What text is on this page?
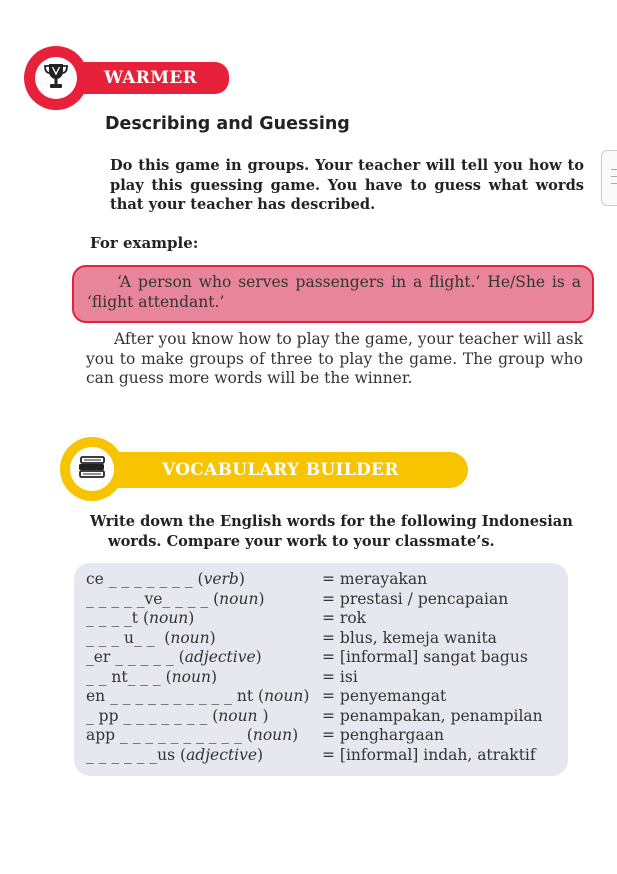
WARMER
Describing and Guessing
Do this game in groups. Your teacher will tell you how to play this guessing game. You have to guess what words that your teacher has described.
For example:
‘A person who serves passengers in a flight.’ He/She is a ‘flight attendant.’
After you know how to play the game, your teacher will ask you to make groups of three to play the game. The group who can guess more words will be the winner.
VOCABULARY BUILDER
Write down the English words for the following Indonesian
words. Compare your work to your classmate’s.
ce _ _ _ _ _ _ _ (verb)	= merayakan
_ _ _ _ _ve_ _ _ _ (noun)	= prestasi / pencapaian
_ _ _ _t (noun)	= rok
_ _ _ u_ _  (noun)	= blus, kemeja wanita
_er _ _ _ _ _ (adjective)	= [informal] sangat bagus
_ _ nt_ _ _ (noun)	= isi
en _ _ _ _ _ _ _ _ _ _ nt (noun) = penyemangat
_ pp _ _ _ _ _ _ _ (noun )	= penampakan, penampilan
app _ _ _ _ _ _ _ _ _ _ (noun) = penghargaan
_ _ _ _ _ _us (adjective)	= [informal] indah, atraktif
